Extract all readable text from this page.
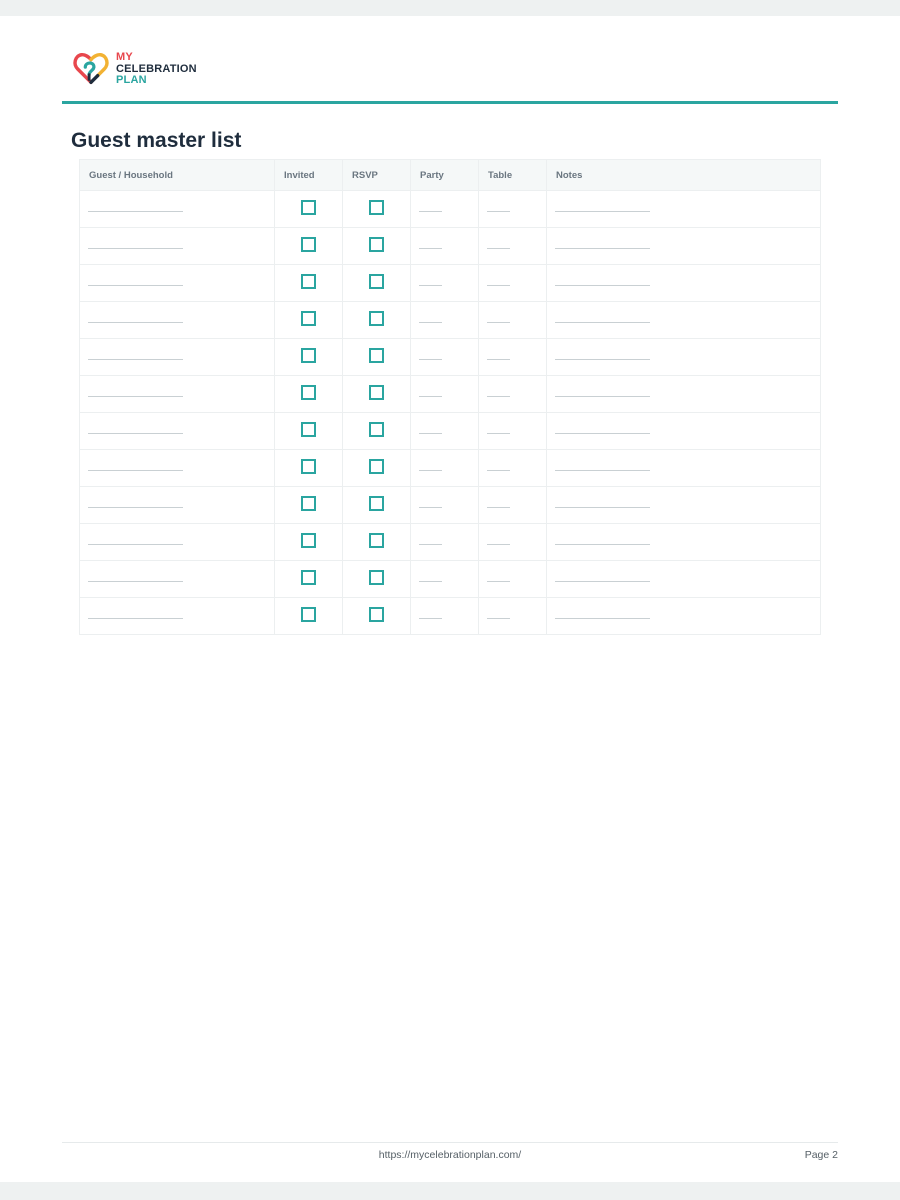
MY
CELEBRATION
PLAN
Guest master list
Guest / Household	Invited	RSVP	Party	Table	Notes

https://mycelebrationplan.com/	Page 2
